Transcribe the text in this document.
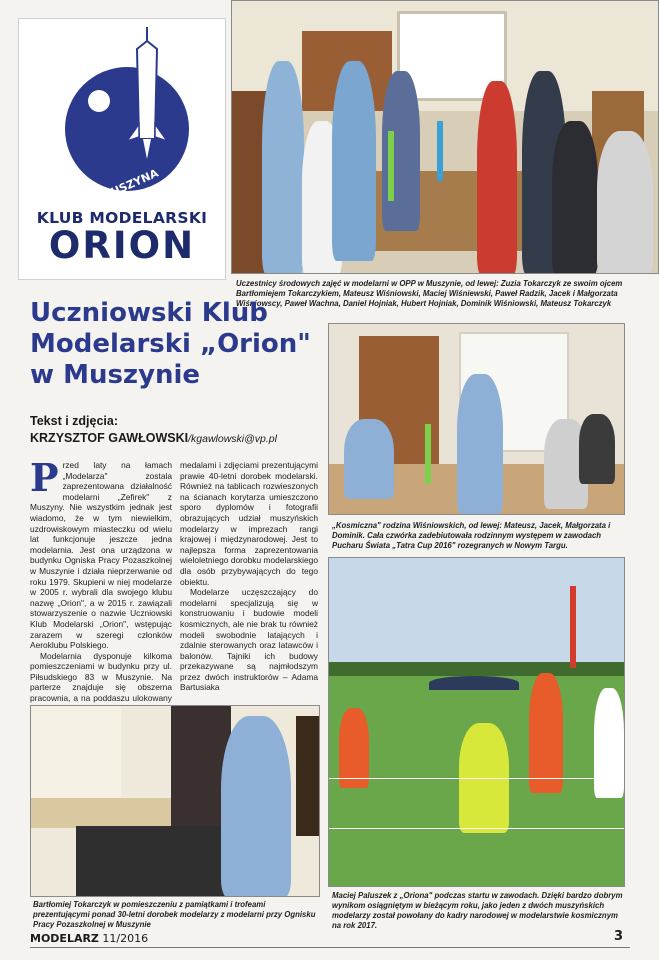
MUSZYNA
KLUB MODELARSKI
ORION
Uczestnicy środowych zajęć w modelarni w OPP w Muszynie, od lewej: Zuzia Tokarczyk ze swoim ojcem Bartłomiejem Tokarczykiem, Mateusz Wiśniowski, Maciej Wiśniewski, Paweł Radzik, Jacek i Małgorzata Wiśniowscy, Paweł Wachna, Daniel Hojniak, Hubert Hojniak, Dominik Wiśniowski, Mateusz Tokarczyk
Uczniowski Klub Modelarski „Orion" w Muszynie
Tekst i zdjęcia:
KRZYSZTOF GAWŁOWSKI/kgawlowski@vp.pl
P rzed laty na łamach „Modelarza" zostala zaprezentowana działalność modelarni „Zefirek" z Muszyny. Nie wszystkim jednak jest wiadomo, że w tym niewielkim, uzdrowiskowym miasteczku od wielu lat funkcjonuje jeszcze jedna modelarnia. Jest ona urządzona w budynku Ogniska Pracy Pozaszkolnej w Muszynie i działa nieprzerwanie od roku 1979. Skupieni w niej modelarze w 2005 r. wybrali dla swojego klubu nazwę „Orion", a w 2015 r. zawiązali stowarzyszenie o nazwie Uczniowski Klub Modelarski „Orion", wstępując zarazem w szeregi członków Aeroklubu Polskiego.

Modelarnia dysponuje kilkoma pomieszczeniami w budynku przy ul. Piłsudskiego 83 w Muszynie. Na parterze znajduje się obszerna pracownia, a na poddaszu ulokowany

medalami i zdjęciami prezentującymi prawie 40-letni dorobek modelarski. Również na tablicach rozwieszonych na ścianach korytarza umieszczono sporo dyplomów i fotografii obrazujących udział muszyńskich modelarzy w imprezach rangi krajowej i międzynarodowej. Jest to najlepsza forma zaprezentowania wieloletniego dorobku modelarskiego dla osób przybywających do tego obiektu.

Modelarze uczęszczający do modelarni specjalizują się w konstruowaniu i budowie modeli kosmicznych, ale nie brak tu również modeli swobodnie latających i zdalnie sterowanych oraz latawców i balonów. Tajniki ich budowy przekazywane są najmłodszym przez dwóch instruktorów – Adama Bartusiaka

„Kosmiczna" rodzina Wiśniowskich, od lewej: Mateusz, Jacek, Małgorzata i Dominik. Cała czwórka zadebiutowała rodzinnym występem w zawodach Pucharu Świata „Tatra Cup 2016" rozegranych w Nowym Targu.
Maciej Paluszek z „Oriona" podczas startu w zawodach. Dzięki bardzo dobrym wynikom osiągniętym w bieżącym roku, jako jeden z dwóch muszyńskich modelarzy został powołany do kadry narodowej w modelarstwie kosmicznym na rok 2017.
Bartłomiej Tokarczyk w pomieszczeniu z pamiątkami i trofeami prezentującymi ponad 30-letni dorobek modelarzy z modelarni przy Ognisku Pracy Pozaszkolnej w Muszynie
MODELARZ 11/2016	3
